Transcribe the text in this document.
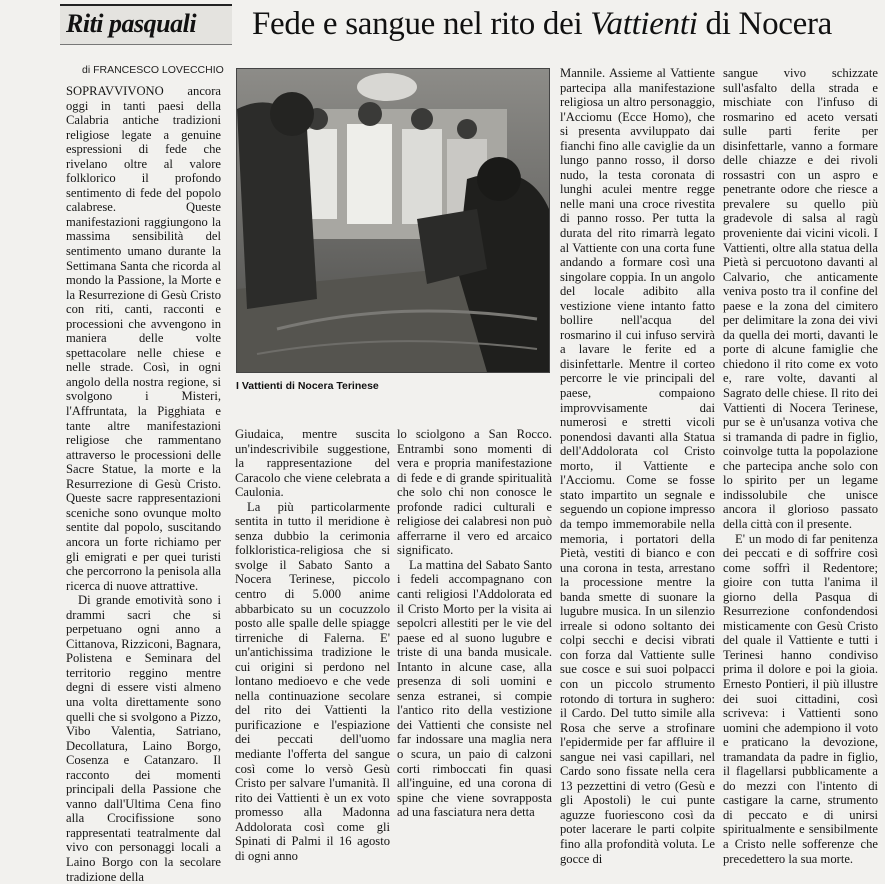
Riti pasquali Fede e sangue nel rito dei Vattienti di Nocera
di FRANCESCO LOVECCHIO

SOPRAVVIVONO ancora oggi in tanti paesi della Calabria antiche tradizioni religiose legate a genuine espressioni di fede che rivelano oltre al valore folklorico il profondo sentimento di fede del popolo calabrese. Queste manifestazioni raggiungono la massima sensibilità del sentimento umano durante la Settimana Santa che ricorda al mondo la Passione, la Morte e la Resurrezione di Gesù Cristo con riti, canti, racconti e processioni che avvengono in maniera delle volte spettacolare nelle chiese e nelle strade. Così, in ogni angolo della nostra regione, si svolgono i Misteri, l'Affruntata, la Pigghiata e tante altre manifestazioni religiose che rammentano attraverso le processioni delle Sacre Statue, la morte e la Resurrezione di Gesù Cristo. Queste sacre rappresentazioni sceniche sono ovunque molto sentite dal popolo, suscitando ancora un forte richiamo per gli emigrati e per quei turisti che percorrono la penisola alla ricerca di nuove attrattive.

Di grande emotività sono i drammi sacri che si perpetuano ogni anno a Cittanova, Rizziconi, Bagnara, Polistena e Seminara del territorio reggino mentre degni di essere visti almeno una volta direttamente sono quelli che si svolgono a Pizzo, Vibo Valentia, Satriano, Decollatura, Laino Borgo, Cosenza e Catanzaro. Il racconto dei momenti principali della Passione che vanno dall'Ultima Cena fino alla Crocifissione sono rappresentati teatralmente dal vivo con personaggi locali a Laino Borgo con la secolare tradizione della

I Vattienti di Nocera Terinese

Giudaica, mentre suscita un'indescrivibile suggestione, la rappresentazione del Caracolo che viene celebrata a Caulonia.

La più particolarmente sentita in tutto il meridione è senza dubbio la cerimonia folkloristica-religiosa che si svolge il Sabato Santo a Nocera Terinese, piccolo centro di 5.000 anime abbarbicato su un cocuzzolo posto alle spalle delle spiagge tirreniche di Falerna. E' un'antichissima tradizione le cui origini si perdono nel lontano medioevo e che vede nella continuazione secolare del rito dei Vattienti la purificazione e l'espiazione dei peccati dell'uomo mediante l'offerta del sangue così come lo versò Gesù Cristo per salvare l'umanità. Il rito dei Vattienti è un ex voto promesso alla Madonna Addolorata così come gli Spinati di Palmi il 16 agosto di ogni anno

lo sciolgono a San Rocco. Entrambi sono momenti di vera e propria manifestazione di fede e di grande spiritualità che solo chi non conosce le profonde radici culturali e religiose dei calabresi non può afferrarne il vero ed arcaico significato.

La mattina del Sabato Santo i fedeli accompagnano con canti religiosi l'Addolorata ed il Cristo Morto per la visita ai sepolcri allestiti per le vie del paese ed al suono lugubre e triste di una banda musicale. Intanto in alcune case, alla presenza di soli uomini e senza estranei, si compie l'antico rito della vestizione dei Vattienti che consiste nel far indossare una maglia nera o scura, un paio di calzoni corti rimboccati fin quasi all'inguine, ed una corona di spine che viene sovrapposta ad una fasciatura nera detta

Mannile. Assieme al Vattiente partecipa alla manifestazione religiosa un altro personaggio, l'Acciomu (Ecce Homo), che si presenta avviluppato dai fianchi fino alle caviglie da un lungo panno rosso, il dorso nudo, la testa coronata di lunghi aculei mentre regge nelle mani una croce rivestita di panno rosso. Per tutta la durata del rito rimarrà legato al Vattiente con una corta fune andando a formare così una singolare coppia. In un angolo del locale adibito alla vestizione viene intanto fatto bollire nell'acqua del rosmarino il cui infuso servirà a lavare le ferite ed a disinfettarle. Mentre il corteo percorre le vie principali del paese, compaiono improvvisamente dai numerosi e stretti vicoli ponendosi davanti alla Statua dell'Addolorata col Cristo morto, il Vattiente e l'Acciomu. Come se fosse stato impartito un segnale e seguendo un copione impresso da tempo immemorabile nella memoria, i portatori della Pietà, vestiti di bianco e con una corona in testa, arrestano la processione mentre la banda smette di suonare la lugubre musica. In un silenzio irreale si odono soltanto dei colpi secchi e decisi vibrati con forza dal Vattiente sulle sue cosce e sui suoi polpacci con un piccolo strumento rotondo di tortura in sughero: il Cardo. Del tutto simile alla Rosa che serve a strofinare l'epidermide per far affluire il sangue nei vasi capillari, nel Cardo sono fissate nella cera 13 pezzettini di vetro (Gesù e gli Apostoli) le cui punte aguzze fuoriescono così da poter lacerare le parti colpite fino alla profondità voluta. Le gocce di

sangue vivo schizzate sull'asfalto della strada e mischiate con l'infuso di rosmarino ed aceto versati sulle parti ferite per disinfettarle, vanno a formare delle chiazze e dei rivoli rossastri con un aspro e penetrante odore che riesce a prevalere su quello più gradevole di salsa al ragù proveniente dai vicini vicoli. I Vattienti, oltre alla statua della Pietà si percuotono davanti al Calvario, che anticamente veniva posto tra il confine del paese e la zona del cimitero per delimitare la zona dei vivi da quella dei morti, davanti le porte di alcune famiglie che chiedono il rito come ex voto e, rare volte, davanti al Sagrato delle chiese. Il rito dei Vattienti di Nocera Terinese, pur se è un'usanza votiva che si tramanda di padre in figlio, coinvolge tutta la popolazione che partecipa anche solo con lo spirito per un legame indissolubile che unisce ancora il glorioso passato della città con il presente.

E' un modo di far penitenza dei peccati e di soffrire così come soffrì il Redentore; gioire con tutta l'anima il giorno della Pasqua di Resurrezione confondendosi misticamente con Gesù Cristo del quale il Vattiente e tutti i Terinesi hanno condiviso prima il dolore e poi la gioia. Ernesto Pontieri, il più illustre dei suoi cittadini, così scriveva: i Vattienti sono uomini che adempiono il voto e praticano la devozione, tramandata da padre in figlio, il flagellarsi pubblicamente a do mezzi con l'intento di castigare la carne, strumento di peccato e di unirsi spiritualmente e sensibilmente a Cristo nelle sofferenze che precedettero la sua morte.
